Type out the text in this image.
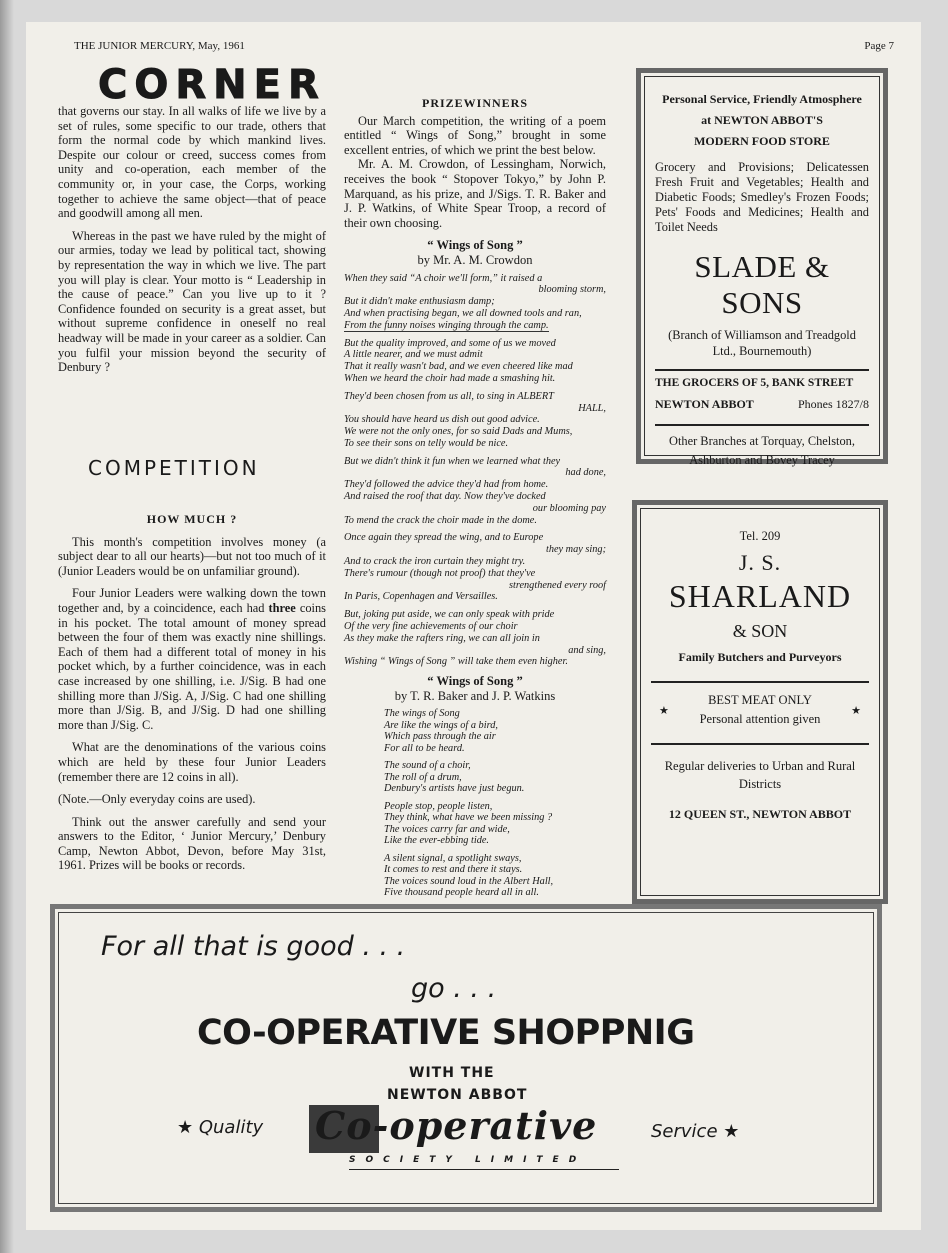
THE JUNIOR MERCURY, May, 1961	Page 7
CORNER

that governs our stay. In all walks of life we live by a set of rules, some specific to our trade, others that form the normal code by which mankind lives. Despite our colour or creed, success comes from unity and co-operation, each member of the community or, in your case, the Corps, working together to achieve the same object—that of peace and goodwill among all men.

Whereas in the past we have ruled by the might of our armies, today we lead by political tact, showing by representation the way in which we live. The part you will play is clear. Your motto is “ Leadership in the cause of peace.” Can you live up to it ? Confidence founded on security is a great asset, but without supreme confidence in oneself no real headway will be made in your career as a soldier. Can you fulfil your mission beyond the security of Denbury ?

COMPETITION

HOW MUCH ?

This month's competition involves money (a subject dear to all our hearts)—but not too much of it (Junior Leaders would be on unfamiliar ground).

Four Junior Leaders were walking down the town together and, by a coincidence, each had three coins in his pocket. The total amount of money spread between the four of them was exactly nine shillings. Each of them had a different total of money in his pocket which, by a further coincidence, was in each case increased by one shilling, i.e. J/Sig. B had one shilling more than J/Sig. A, J/Sig. C had one shilling more than J/Sig. B, and J/Sig. D had one shilling more than J/Sig. C.

What are the denominations of the various coins which are held by these four Junior Leaders (remember there are 12 coins in all).

(Note.—Only everyday coins are used).

Think out the answer carefully and send your answers to the Editor, ‘ Junior Mercury,’ Denbury Camp, Newton Abbot, Devon, before May 31st, 1961. Prizes will be books or records.

PRIZEWINNERS

Our March competition, the writing of a poem entitled “ Wings of Song,” brought in some excellent entries, of which we print the best below.

Mr. A. M. Crowdon, of Lessingham, Norwich, receives the book “ Stopover Tokyo,” by John P. Marquand, as his prize, and J/Sigs. T. R. Baker and J. P. Watkins, of White Spear Troop, a record of their own choosing.

“ Wings of Song ”
by Mr. A. M. Crowdon
When they said “A choir we'll form,” it raised a
blooming storm,
But it didn't make enthusiasm damp;
And when practising began, we all downed tools and ran,
From the funny noises winging through the camp.
But the quality improved, and some of us we moved
A little nearer, and we must admit
That it really wasn't bad, and we even cheered like mad
When we heard the choir had made a smashing hit.
They'd been chosen from us all, to sing in ALBERT
HALL,
You should have heard us dish out good advice.
We were not the only ones, for so said Dads and Mums,
To see their sons on telly would be nice.
But we didn't think it fun when we learned what they
had done,
They'd followed the advice they'd had from home.
And raised the roof that day. Now they've docked
our blooming pay
To mend the crack the choir made in the dome.
Once again they spread the wing, and to Europe
they may sing;
And to crack the iron curtain they might try.
There's rumour (though not proof) that they've
strengthened every roof
In Paris, Copenhagen and Versailles.
But, joking put aside, we can only speak with pride
Of the very fine achievements of our choir
As they make the rafters ring, we can all join in
and sing,
Wishing “ Wings of Song ” will take them even higher.
“ Wings of Song ”
by T. R. Baker and J. P. Watkins
The wings of Song
Are like the wings of a bird,
Which pass through the air
For all to be heard.
The sound of a choir,
The roll of a drum,
Denbury's artists have just begun.
People stop, people listen,
They think, what have we been missing ?
The voices carry far and wide,
Like the ever-ebbing tide.
A silent signal, a spotlight sways,
It comes to rest and there it stays.
The voices sound loud in the Albert Hall,
Five thousand people heard all in all.
Personal Service, Friendly Atmosphere
at NEWTON ABBOT'S
MODERN FOOD STORE
Grocery and Provisions; Delicatessen Fresh Fruit and Vegetables; Health and Diabetic Foods; Smedley's Frozen Foods; Pets' Foods and Medicines; Health and Toilet Needs
SLADE & SONS
(Branch of Williamson and Treadgold Ltd., Bournemouth)
THE GROCERS OF 5, BANK STREET
NEWTON ABBOT	Phones 1827/8
Other Branches at Torquay, Chelston, Ashburton and Bovey Tracey
Tel. 209
J. S.
SHARLAND
& SON
Family Butchers and Purveyors
BEST MEAT ONLY
★
Personal attention given
★
Regular deliveries to Urban and Rural Districts
12 QUEEN ST., NEWTON ABBOT
For all that is good . . .
go . . .
CO-OPERATIVE SHOPPNIG
WITH THE
NEWTON ABBOT
★ Quality	Service ★
Co-operative
SOCIETY LIMITED
